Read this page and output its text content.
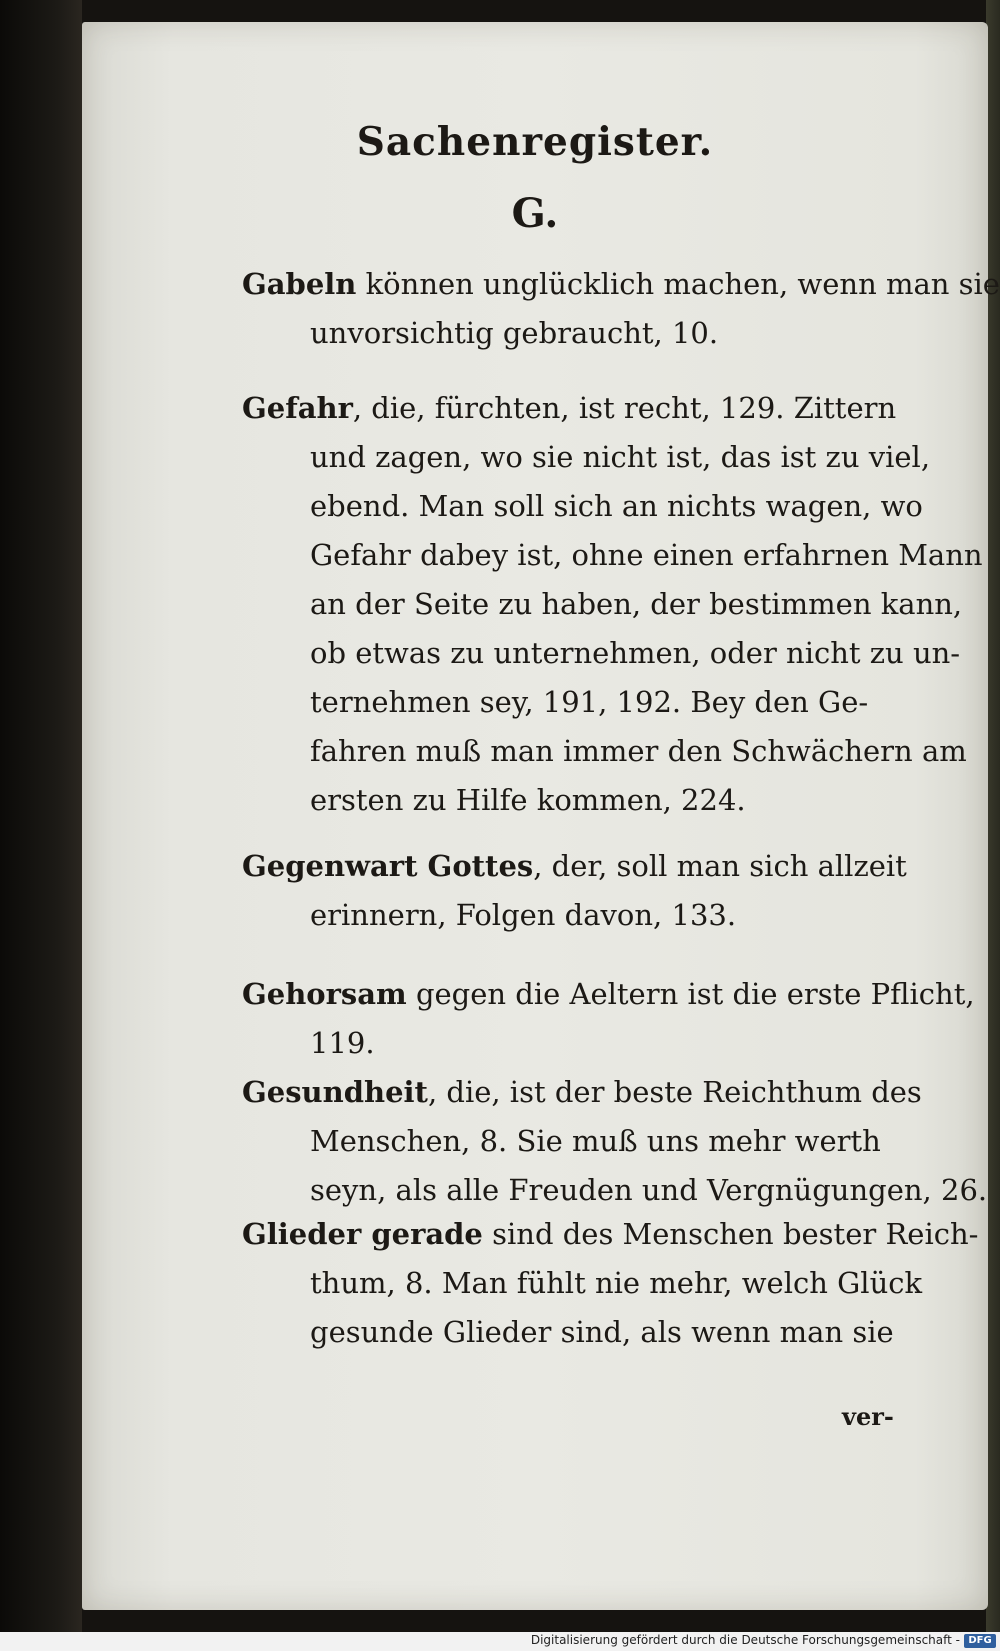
Sachenregister.
G.
Gabeln können unglücklich machen, wenn man sie
unvorsichtig gebraucht, 10.
Gefahr, die, fürchten, ist recht, 129. Zittern
und zagen, wo sie nicht ist, das ist zu viel,
ebend. Man soll sich an nichts wagen, wo
Gefahr dabey ist, ohne einen erfahrnen Mann
an der Seite zu haben, der bestimmen kann,
ob etwas zu unternehmen, oder nicht zu un-
ternehmen sey, 191, 192. Bey den Ge-
fahren muß man immer den Schwächern am
ersten zu Hilfe kommen, 224.
Gegenwart Gottes, der, soll man sich allzeit
erinnern, Folgen davon, 133.
Gehorsam gegen die Aeltern ist die erste Pflicht,
119.
Gesundheit, die, ist der beste Reichthum des
Menschen, 8. Sie muß uns mehr werth
seyn, als alle Freuden und Vergnügungen, 26.
Glieder gerade sind des Menschen bester Reich-
thum, 8. Man fühlt nie mehr, welch Glück
gesunde Glieder sind, als wenn man sie
ver-
Digitalisierung gefördert durch die Deutsche Forschungsgemeinschaft - DFG
